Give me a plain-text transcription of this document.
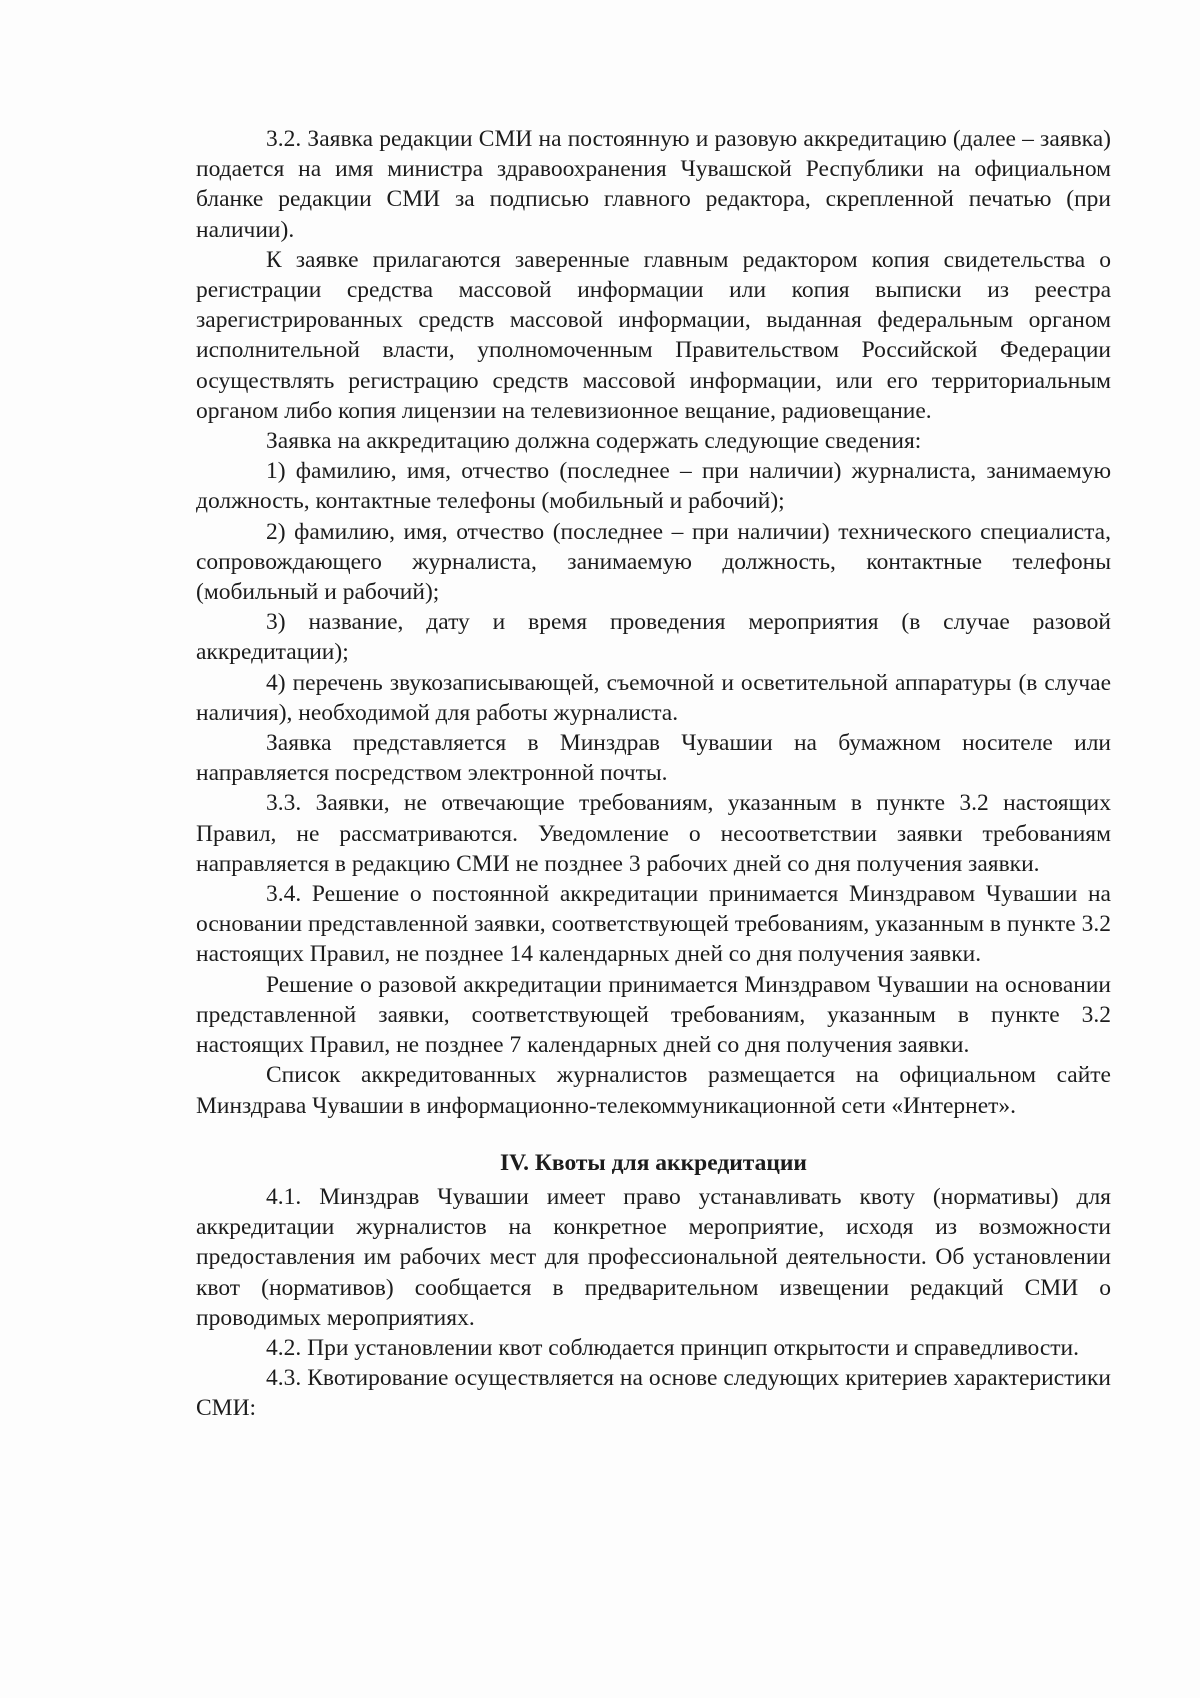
3.2. Заявка редакции СМИ на постоянную и разовую аккредитацию (далее – заявка) подается на имя министра здравоохранения Чувашской Республики на официальном бланке редакции СМИ за подписью главного редактора, скрепленной печатью (при наличии).

К заявке прилагаются заверенные главным редактором копия свидетельства о регистрации средства массовой информации или копия выписки из реестра зарегистрированных средств массовой информации, выданная федеральным органом исполнительной власти, уполномоченным Правительством Российской Федерации осуществлять регистрацию средств массовой информации, или его территориальным органом либо копия лицензии на телевизионное вещание, радиовещание.

Заявка на аккредитацию должна содержать следующие сведения:

1) фамилию, имя, отчество (последнее – при наличии) журналиста, занимаемую должность, контактные телефоны (мобильный и рабочий);

2) фамилию, имя, отчество (последнее – при наличии) технического специалиста, сопровождающего журналиста, занимаемую должность, контактные телефоны (мобильный и рабочий);

3) название, дату и время проведения мероприятия (в случае разовой аккредитации);

4) перечень звукозаписывающей, съемочной и осветительной аппаратуры (в случае наличия), необходимой для работы журналиста.

Заявка представляется в Минздрав Чувашии на бумажном носителе или направляется посредством электронной почты.

3.3. Заявки, не отвечающие требованиям, указанным в пункте 3.2 настоящих Правил, не рассматриваются. Уведомление о несоответствии заявки требованиям направляется в редакцию СМИ не позднее 3 рабочих дней со дня получения заявки.

3.4. Решение о постоянной аккредитации принимается Минздравом Чувашии на основании представленной заявки, соответствующей требованиям, указанным в пункте 3.2 настоящих Правил, не позднее 14 календарных дней со дня получения заявки.

Решение о разовой аккредитации принимается Минздравом Чувашии на основании представленной заявки, соответствующей требованиям, указанным в пункте 3.2 настоящих Правил, не позднее 7 календарных дней со дня получения заявки.

Список аккредитованных журналистов размещается на официальном сайте Минздрава Чувашии в информационно-телекоммуникационной сети «Интернет».

IV. Квоты для аккредитации

4.1. Минздрав Чувашии имеет право устанавливать квоту (нормативы) для аккредитации журналистов на конкретное мероприятие, исходя из возможности предоставления им рабочих мест для профессиональной деятельности. Об установлении квот (нормативов) сообщается в предварительном извещении редакций СМИ о проводимых мероприятиях.

4.2. При установлении квот соблюдается принцип открытости и справедливости.

4.3. Квотирование осуществляется на основе следующих критериев характеристики СМИ:
